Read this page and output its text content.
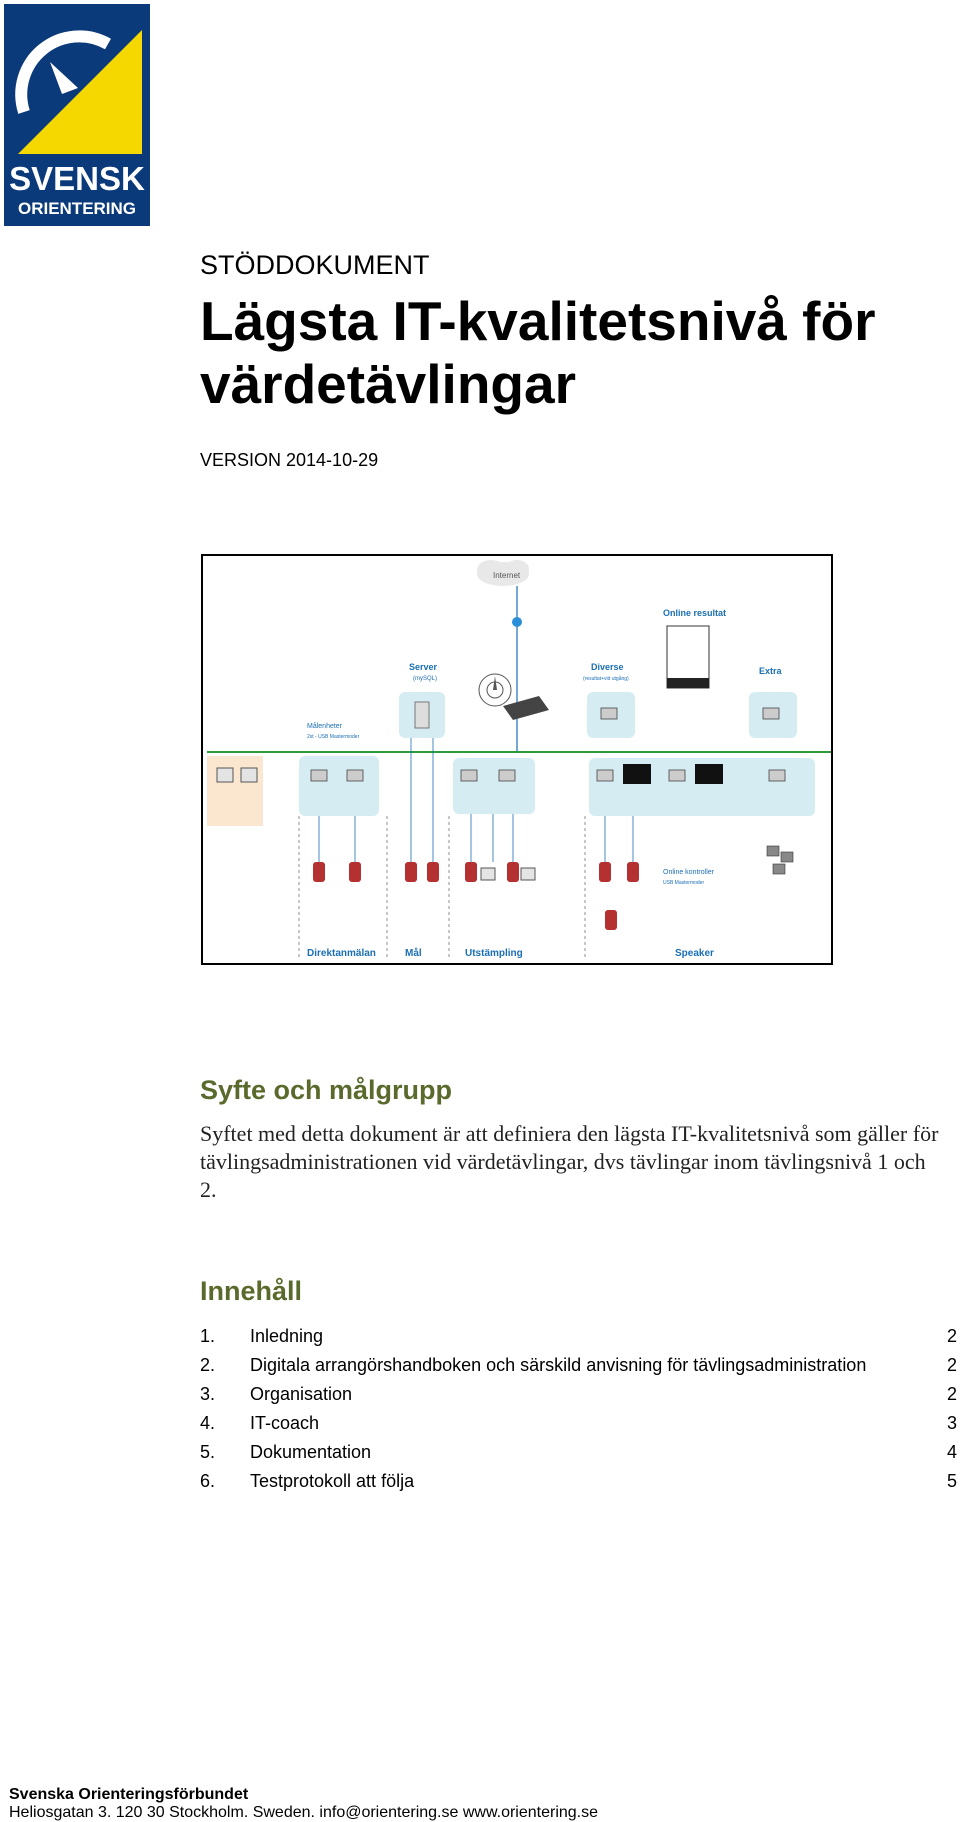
SVENSK
ORIENTERING
STÖDDOKUMENT
Lägsta IT-kvalitetsnivå för värdetävlingar
VERSION 2014-10-29
Internet
Server
(mySQL)
Diverse
(resultat+vid utgång)
Online resultat
Extra
Målenheter
2st - USB Mastermoder
Online kontroller
USB Mastermoder
Direktanmälan	Mål	Utstämpling	Speaker
Syfte och målgrupp
Syftet med detta dokument är att definiera den lägsta IT-kvalitetsnivå som gäller för tävlingsadministrationen vid värdetävlingar, dvs tävlingar inom tävlingsnivå 1 och 2.
Innehåll
1. Inledning	2
2. Digitala arrangörshandboken och särskild anvisning för tävlingsadministration	2
3. Organisation	2
4. IT-coach	3
5. Dokumentation	4
6. Testprotokoll att följa	5
Svenska Orienteringsförbundet
Heliosgatan 3. 120 30 Stockholm. Sweden. info@orientering.se www.orientering.se
